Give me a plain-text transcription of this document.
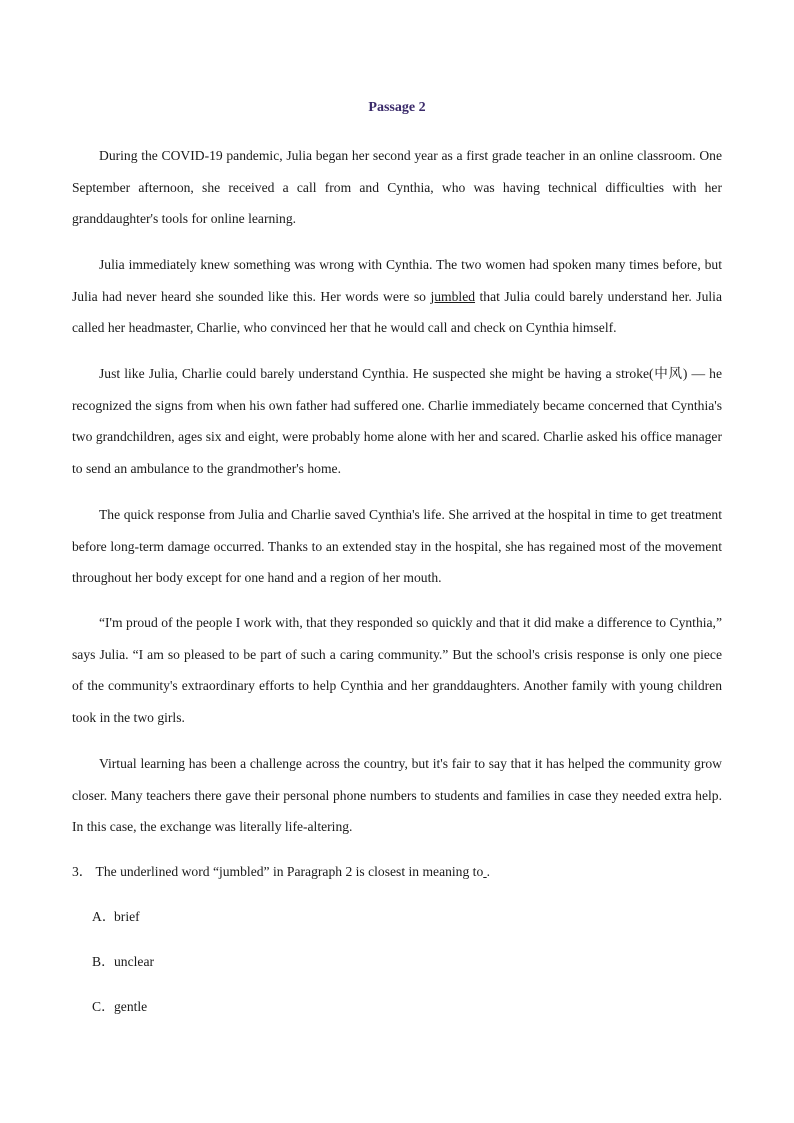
Passage 2

During the COVID-19 pandemic, Julia began her second year as a first grade teacher in an online classroom. One September afternoon, she received a call from and Cynthia, who was having technical difficulties with her granddaughter's tools for online learning.

Julia immediately knew something was wrong with Cynthia. The two women had spoken many times before, but Julia had never heard she sounded like this. Her words were so jumbled that Julia could barely understand her. Julia called her headmaster, Charlie, who convinced her that he would call and check on Cynthia himself.

Just like Julia, Charlie could barely understand Cynthia. He suspected she might be having a stroke(中风) — he recognized the signs from when his own father had suffered one. Charlie immediately became concerned that Cynthia's two grandchildren, ages six and eight, were probably home alone with her and scared. Charlie asked his office manager to send an ambulance to the grandmother's home.

The quick response from Julia and Charlie saved Cynthia's life. She arrived at the hospital in time to get treatment before long-term damage occurred. Thanks to an extended stay in the hospital, she has regained most of the movement throughout her body except for one hand and a region of her mouth.

“I'm proud of the people I work with, that they responded so quickly and that it did make a difference to Cynthia,” says Julia. “I am so pleased to be part of such a caring community.” But the school's crisis response is only one piece of the community's extraordinary efforts to help Cynthia and her granddaughters. Another family with young children took in the two girls.

Virtual learning has been a challenge across the country, but it's fair to say that it has helped the community grow closer. Many teachers there gave their personal phone numbers to students and families in case they needed extra help. In this case, the exchange was literally life-altering.

3． The underlined word “jumbled” in Paragraph 2 is closest in meaning to .

A．brief

B．unclear

C．gentle
